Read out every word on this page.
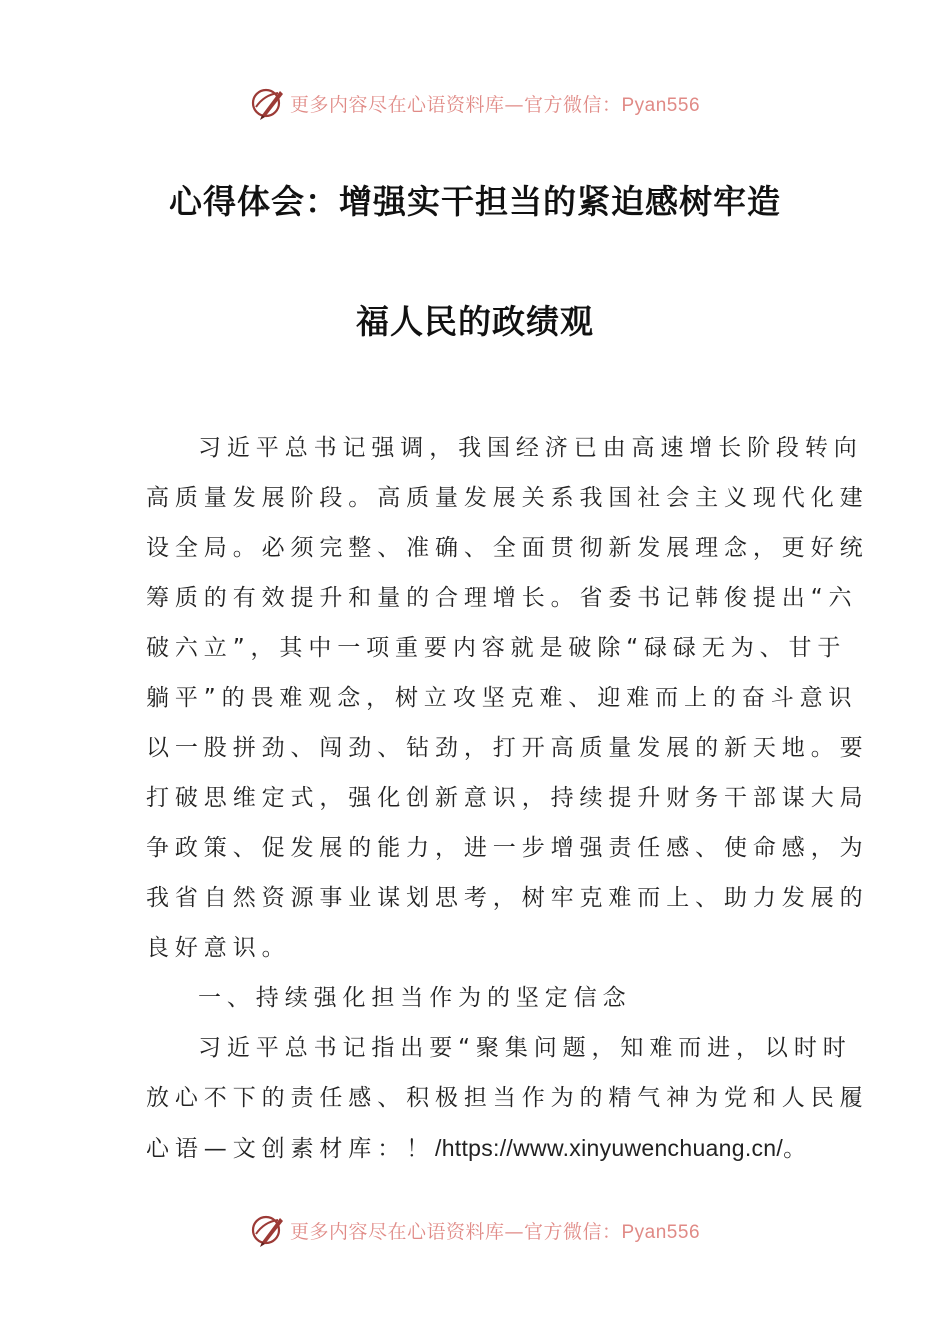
更多内容尽在心语资料库—官方微信：Pyan556
心得体会：增强实干担当的紧迫感树牢造
福人民的政绩观
习近平总书记强调，我国经济已由高速增长阶段转向
高质量发展阶段。高质量发展关系我国社会主义现代化建
设全局。必须完整、准确、全面贯彻新发展理念，更好统
筹质的有效提升和量的合理增长。省委书记韩俊提出“六
破六立”，其中一项重要内容就是破除“碌碌无为、甘于
躺平”的畏难观念，树立攻坚克难、迎难而上的奋斗意识
以一股拼劲、闯劲、钻劲，打开高质量发展的新天地。要
打破思维定式，强化创新意识，持续提升财务干部谋大局
争政策、促发展的能力，进一步增强责任感、使命感，为
我省自然资源事业谋划思考，树牢克难而上、助力发展的
良好意识。
一、持续强化担当作为的坚定信念
习近平总书记指出要“聚集问题，知难而进，以时时
放心不下的责任感、积极担当作为的精气神为党和人民履
心语—文创素材库：！/https://www.xinyuwenchuang.cn/。
更多内容尽在心语资料库—官方微信：Pyan556
